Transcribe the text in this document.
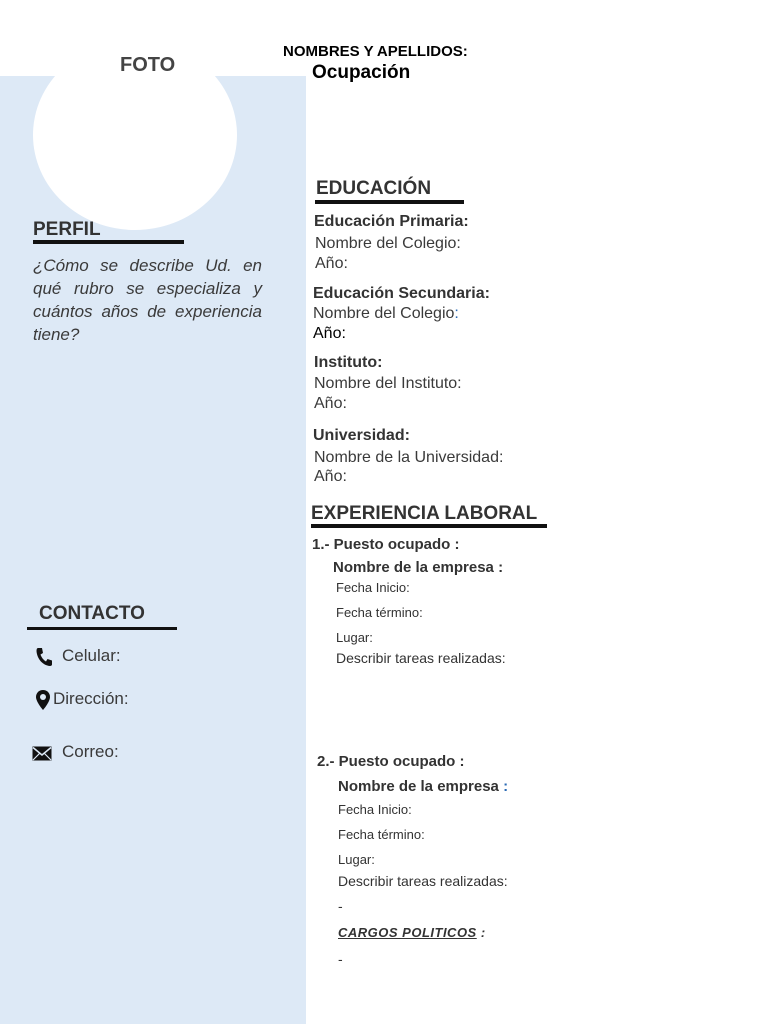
FOTO
NOMBRES Y APELLIDOS:
Ocupación
PERFIL
¿Cómo se describe Ud. en qué rubro se especializa y cuántos años de experiencia tiene?
CONTACTO
Celular:
Dirección:
Correo:
EDUCACIÓN
Educación Primaria:
Nombre del Colegio:
Año:
Educación Secundaria:
Nombre del Colegio:
Año:
Instituto:
Nombre del Instituto:
Año:
Universidad:
Nombre de la Universidad:
Año:
EXPERIENCIA LABORAL
1.- Puesto ocupado :
Nombre de la empresa :
Fecha Inicio:
Fecha término:
Lugar:
Describir tareas realizadas:
2.- Puesto ocupado :
Nombre de la empresa :
Fecha Inicio:
Fecha término:
Lugar:
Describir tareas realizadas:
-
CARGOS POLITICOS :
-
